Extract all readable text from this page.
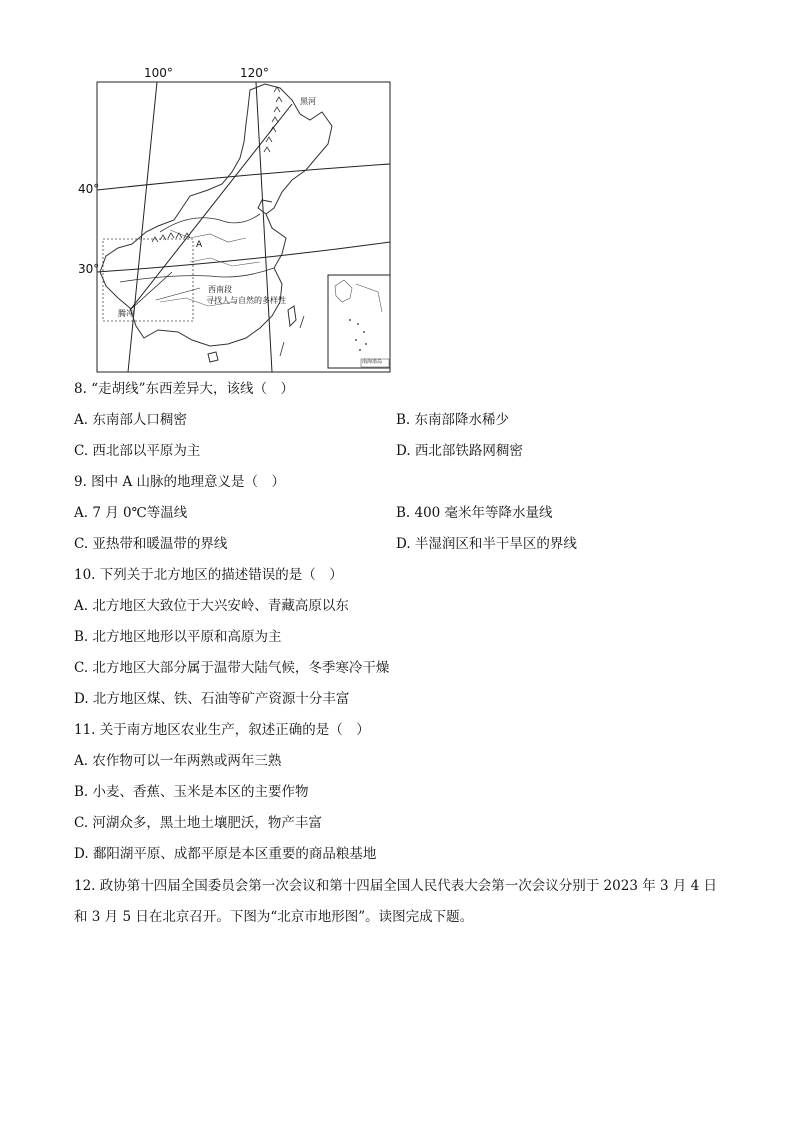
100°	120°
40°
30°
黑河
A
西南段
寻找人与自然的多样性
腾冲
南海诸岛
8. “走胡线”东西差异大，该线（　）
A. 东南部人口稠密	B. 东南部降水稀少
C. 西北部以平原为主	D. 西北部铁路网稠密
9. 图中 A 山脉的地理意义是（　）
A. 7 月 0℃等温线	B. 400 毫米年等降水量线
C. 亚热带和暖温带的界线	D. 半湿润区和半干旱区的界线
10. 下列关于北方地区的描述错误的是（　）
A. 北方地区大致位于大兴安岭、青藏高原以东
B. 北方地区地形以平原和高原为主
C. 北方地区大部分属于温带大陆气候，冬季寒冷干燥
D. 北方地区煤、铁、石油等矿产资源十分丰富
11. 关于南方地区农业生产，叙述正确的是（　）
A. 农作物可以一年两熟或两年三熟
B. 小麦、香蕉、玉米是本区的主要作物
C. 河湖众多，黑土地土壤肥沃，物产丰富
D. 鄱阳湖平原、成都平原是本区重要的商品粮基地
12. 政协第十四届全国委员会第一次会议和第十四届全国人民代表大会第一次会议分别于 2023 年 3 月 4 日
和 3 月 5 日在北京召开。下图为“北京市地形图”。读图完成下题。
